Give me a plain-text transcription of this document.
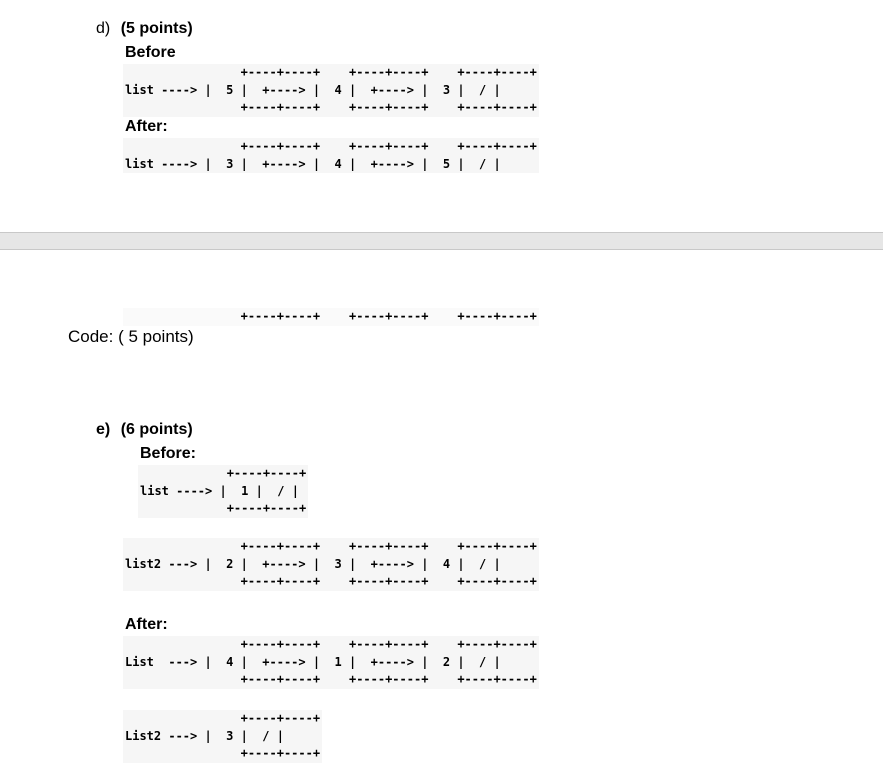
d) (5 points)
Before
+----+----+    +----+----+    +----+----+
list ----> |  5 |  +----> |  4 |  +----> |  3 |  / |
+----+----+    +----+----+    +----+----+
After:
+----+----+    +----+----+    +----+----+
list ----> |  3 |  +----> |  4 |  +----> |  5 |  / |
+----+----+    +----+----+    +----+----+
Code: ( 5 points)
e) (6 points)
Before:
+----+----+
list ----> |  1 |  / |
+----+----+
+----+----+    +----+----+    +----+----+
list2 ---> |  2 |  +----> |  3 |  +----> |  4 |  / |
+----+----+    +----+----+    +----+----+
After:
+----+----+    +----+----+    +----+----+
List  ---> |  4 |  +----> |  1 |  +----> |  2 |  / |
+----+----+    +----+----+    +----+----+
+----+----+
List2 ---> |  3 |  / |
+----+----+
